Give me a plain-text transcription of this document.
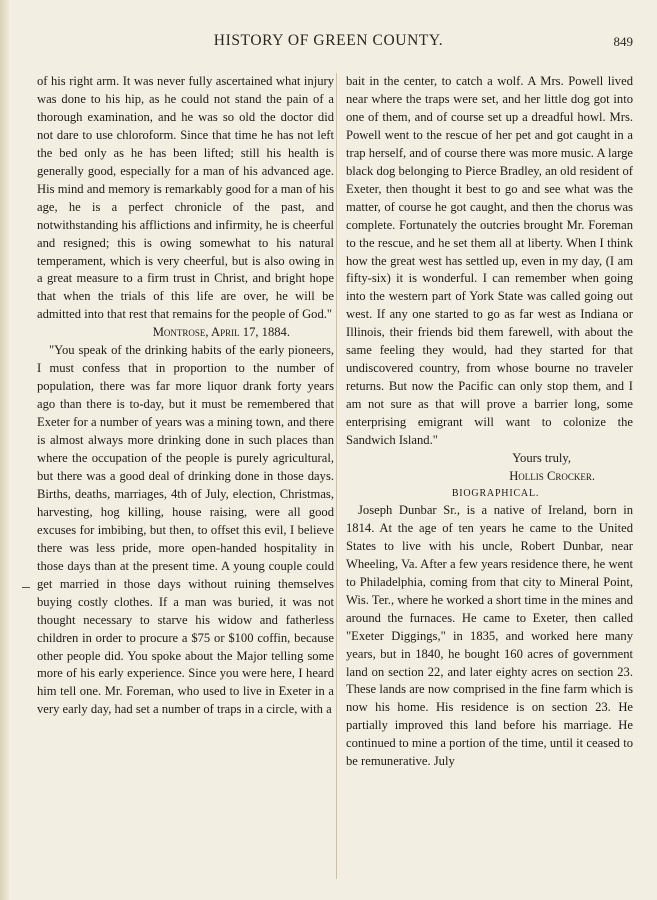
HISTORY OF GREEN COUNTY.	849

of his right arm. It was never fully ascertained what injury was done to his hip, as he could not stand the pain of a thorough examination, and he was so old the doctor did not dare to use chloroform. Since that time he has not left the bed only as he has been lifted; still his health is generally good, especially for a man of his advanced age. His mind and memory is remarkably good for a man of his age, he is a perfect chronicle of the past, and notwithstanding his afflictions and infirmity, he is cheerful and resigned; this is owing somewhat to his natural temperament, which is very cheerful, but is also owing in a great measure to a firm trust in Christ, and bright hope that when the trials of this life are over, he will be admitted into that rest that remains for the people of God."

Montrose, April 17, 1884.

"You speak of the drinking habits of the early pioneers, I must confess that in proportion to the number of population, there was far more liquor drank forty years ago than there is to-day, but it must be remembered that Exeter for a number of years was a mining town, and there is almost always more drinking done in such places than where the occupation of the people is purely agricultural, but there was a good deal of drinking done in those days. Births, deaths, marriages, 4th of July, election, Christmas, harvesting, hog killing, house raising, were all good excuses for imbibing, but then, to offset this evil, I believe there was less pride, more open-handed hospitality in those days than at the present time. A young couple could get married in those days without ruining themselves buying costly clothes. If a man was buried, it was not thought necessary to starve his widow and fatherless children in order to procure a $75 or $100 coffin, because other people did. You spoke about the Major telling some more of his early experience. Since you were here, I heard him tell one. Mr. Foreman, who used to live in Exeter in a very early day, had set a number of traps in a circle, with a

bait in the center, to catch a wolf. A Mrs. Powell lived near where the traps were set, and her little dog got into one of them, and of course set up a dreadful howl. Mrs. Powell went to the rescue of her pet and got caught in a trap herself, and of course there was more music. A large black dog belonging to Pierce Bradley, an old resident of Exeter, then thought it best to go and see what was the matter, of course he got caught, and then the chorus was complete. Fortunately the outcries brought Mr. Foreman to the rescue, and he set them all at liberty. When I think how the great west has settled up, even in my day, (I am fifty-six) it is wonderful. I can remember when going into the western part of York State was called going out west. If any one started to go as far west as Indiana or Illinois, their friends bid them farewell, with about the same feeling they would, had they started for that undiscovered country, from whose bourne no traveler returns. But now the Pacific can only stop them, and I am not sure as that will prove a barrier long, some enterprising emigrant will want to colonize the Sandwich Island."

Yours truly,

Hollis Crocker.

BIOGRAPHICAL.

Joseph Dunbar Sr., is a native of Ireland, born in 1814. At the age of ten years he came to the United States to live with his uncle, Robert Dunbar, near Wheeling, Va. After a few years residence there, he went to Philadelphia, coming from that city to Mineral Point, Wis. Ter., where he worked a short time in the mines and around the furnaces. He came to Exeter, then called "Exeter Diggings," in 1835, and worked here many years, but in 1840, he bought 160 acres of government land on section 22, and later eighty acres on section 23. These lands are now comprised in the fine farm which is now his home. His residence is on section 23. He partially improved this land before his marriage. He continued to mine a portion of the time, until it ceased to be remunerative. July
